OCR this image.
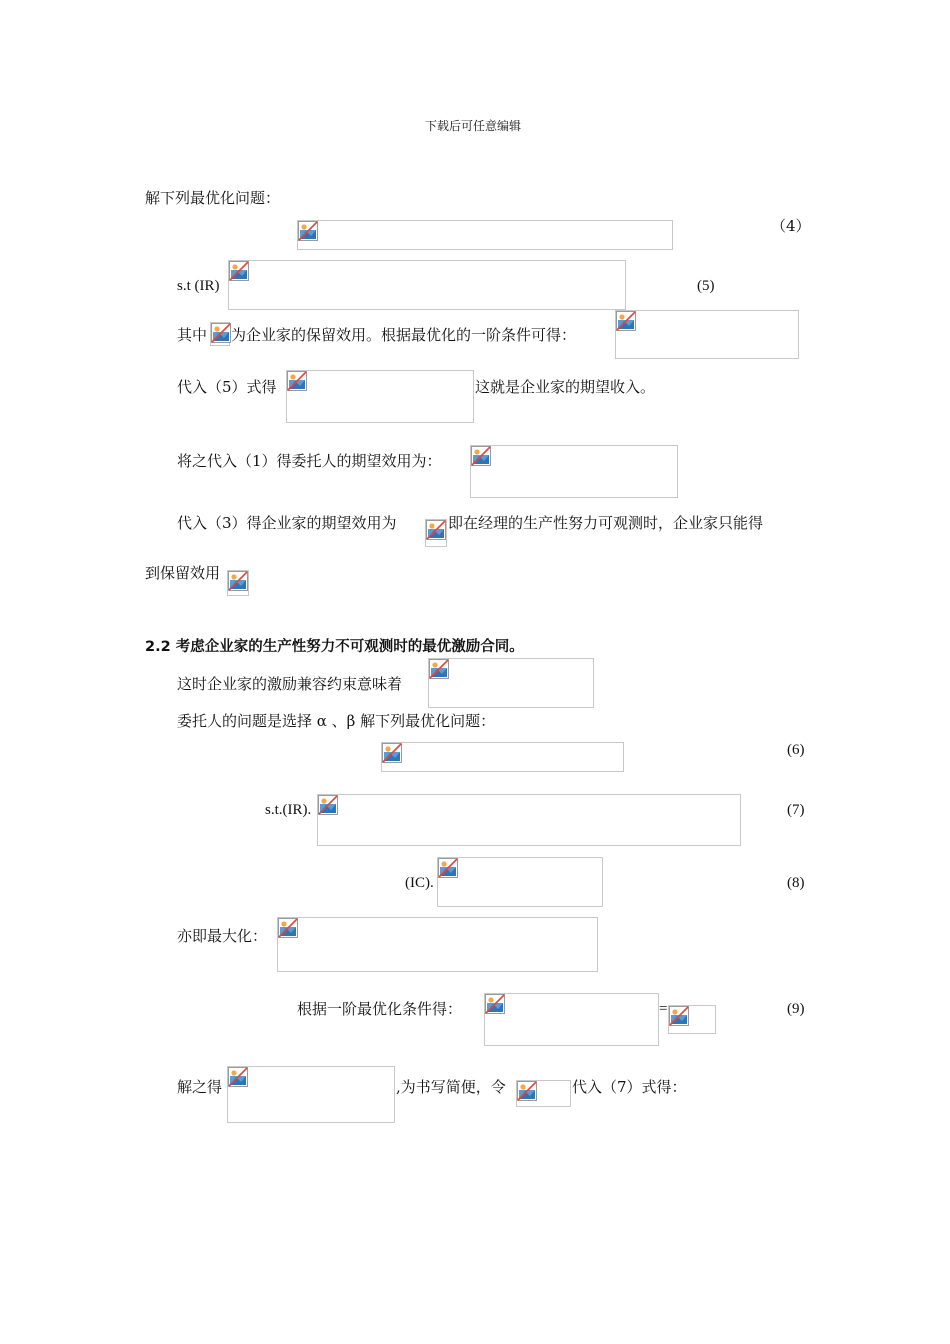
下载后可任意编辑
解下列最优化问题：
（4）
s.t (IR)	(5)
其中 为企业家的保留效用。根据最优化的一阶条件可得：
代入（5）式得	这就是企业家的期望收入。
将之代入（1）得委托人的期望效用为：
代入（3）得企业家的期望效用为	即在经理的生产性努力可观测时，企业家只能得
到保留效用
2.2 考虑企业家的生产性努力不可观测时的最优激励合同。
这时企业家的激励兼容约束意味着
委托人的问题是选择 α 、β 解下列最优化问题：
(6)
s.t.(IR).	(7)
(IC).	(8)
亦即最大化：
根据一阶最优化条件得：	=	(9)
解之得	,为书写简便，令	代入（7）式得：
